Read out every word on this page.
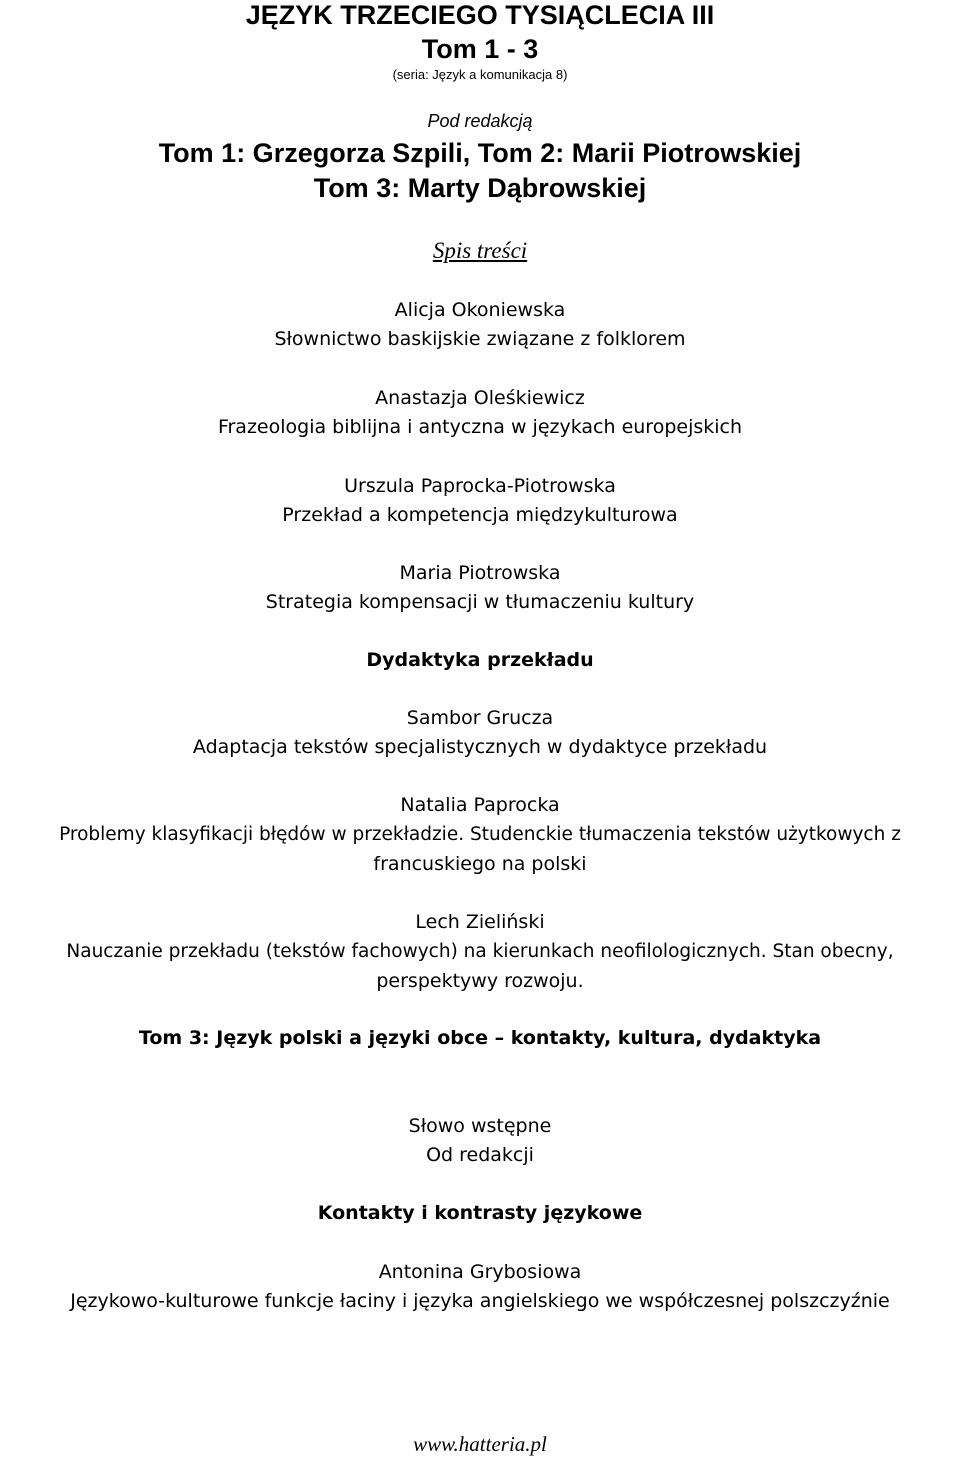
JĘZYK TRZECIEGO TYSIĄCLECIA III
Tom 1 - 3
(seria: Język a komunikacja 8)
Pod redakcją
Tom 1: Grzegorza Szpili, Tom 2: Marii Piotrowskiej
Tom 3: Marty Dąbrowskiej
Spis treści
Alicja Okoniewska
Słownictwo baskijskie związane z folklorem
Anastazja Oleśkiewicz
Frazeologia biblijna i antyczna w językach europejskich
Urszula Paprocka-Piotrowska
Przekład a kompetencja międzykulturowa
Maria Piotrowska
Strategia kompensacji w tłumaczeniu kultury
Dydaktyka przekładu
Sambor Grucza
Adaptacja tekstów specjalistycznych w dydaktyce przekładu
Natalia Paprocka
Problemy klasyfikacji błędów w przekładzie. Studenckie tłumaczenia tekstów użytkowych z
francuskiego na polski
Lech Zieliński
Nauczanie przekładu (tekstów fachowych) na kierunkach neofilologicznych. Stan obecny,
perspektywy rozwoju.
Tom 3: Język polski a języki obce – kontakty, kultura, dydaktyka
Słowo wstępne
Od redakcji
Kontakty i kontrasty językowe
Antonina Grybosiowa
Językowo-kulturowe funkcje łaciny i języka angielskiego we współczesnej polszczyźnie
www.hatteria.pl
